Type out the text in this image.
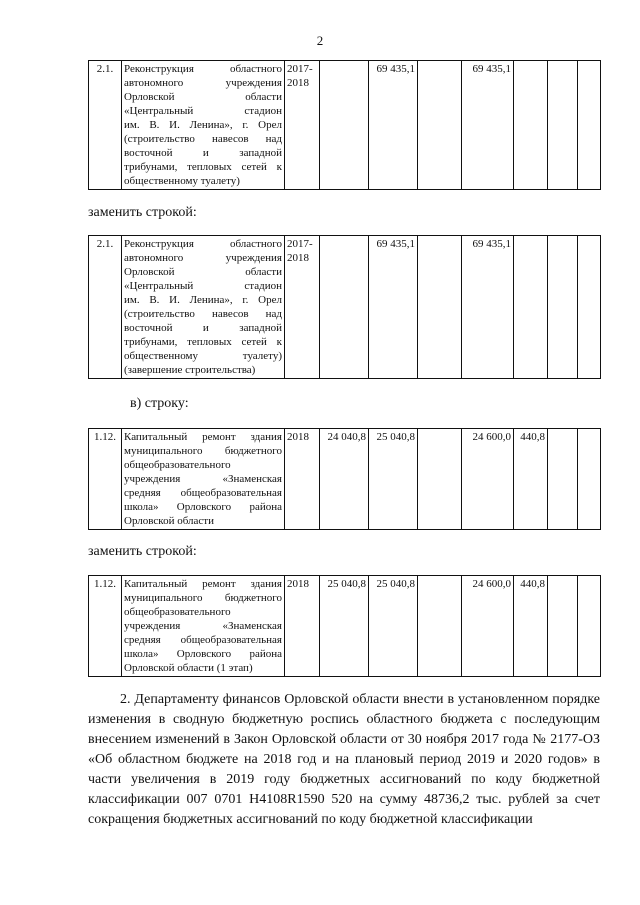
2
2.1.	Реконструкция областного
автономного учреждения
Орловской области
«Центральный стадион
им. В. И. Ленина», г. Орел
(строительство навесов над
восточной и западной
трибунами, тепловых сетей к

общественному туалету)
	2017-2018		69 435,1		69 435,1			
заменить строкой:
2.1.	Реконструкция областного
автономного учреждения
Орловской области
«Центральный стадион
им. В. И. Ленина», г. Орел
(строительство навесов над
восточной и западной
трибунами, тепловых сетей к
общественному туалету)

(завершение строительства)
	2017-2018		69 435,1		69 435,1			
в) строку:
1.12.	Капитальный ремонт здания
муниципального бюджетного
общеобразовательного
учреждения «Знаменская
средняя общеобразовательная
школа» Орловского района

Орловской области
	2018	24 040,8	25 040,8		24 600,0	440,8		
заменить строкой:
1.12.	Капитальный ремонт здания
муниципального бюджетного
общеобразовательного
учреждения «Знаменская
средняя общеобразовательная
школа» Орловского района

Орловской области (1 этап)
	2018	25 040,8	25 040,8		24 600,0	440,8		
2. Департаменту финансов Орловской области внести в установленном порядке изменения в сводную бюджетную роспись областного бюджета с последующим внесением изменений в Закон Орловской области от 30 ноября 2017 года № 2177-ОЗ «Об областном бюджете на 2018 год и на плановый период 2019 и 2020 годов» в части увеличения в 2019 году бюджетных ассигнований по коду бюджетной классификации 007 0701 Н4108R1590 520 на сумму 48736,2 тыс. рублей за счет сокращения бюджетных ассигнований по коду бюджетной классификации
